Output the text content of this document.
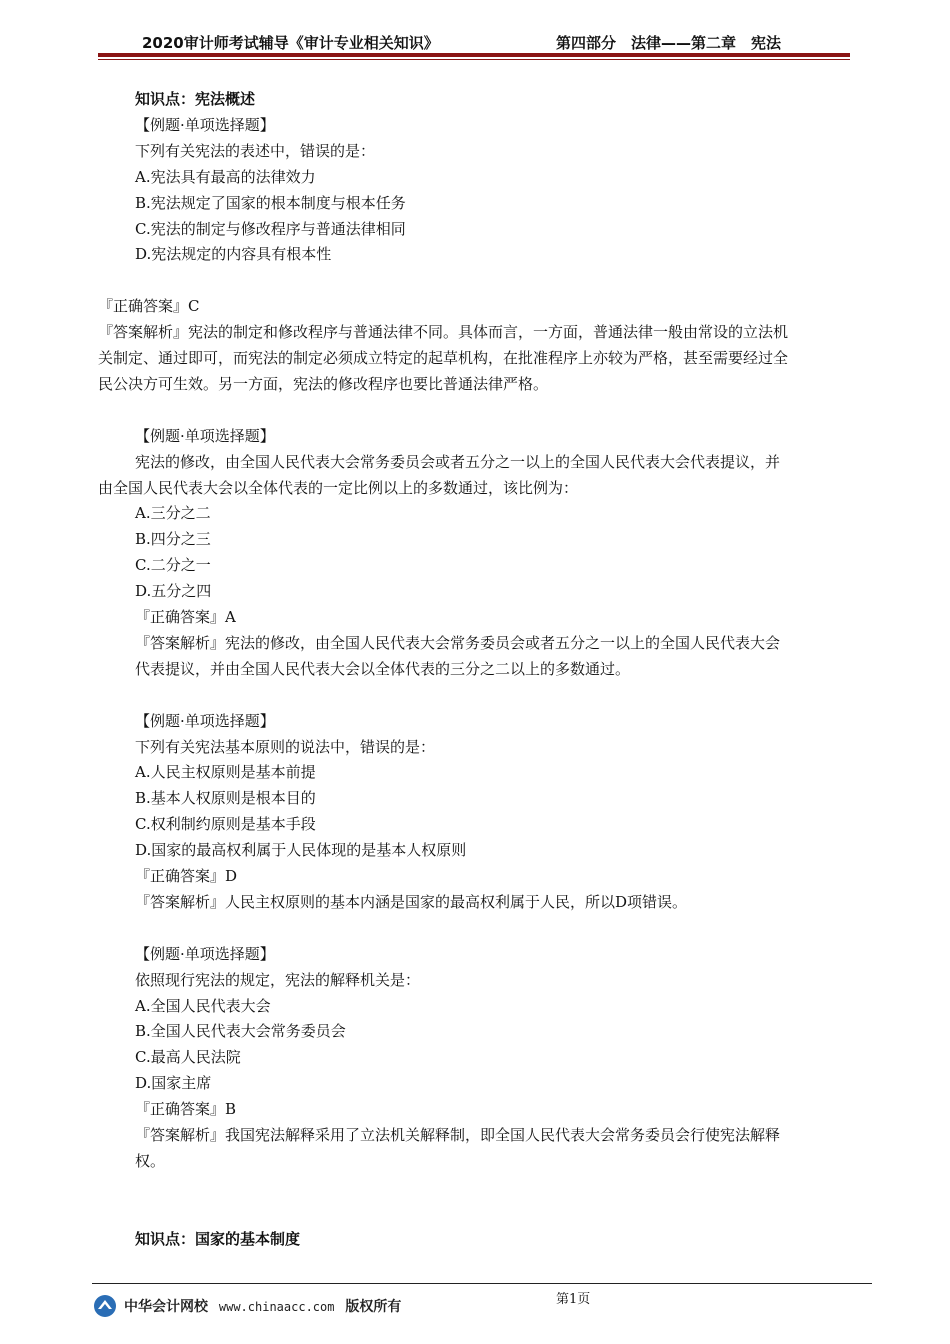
2020审计师考试辅导《审计专业相关知识》	第四部分　法律——第二章　宪法
知识点：宪法概述
【例题·单项选择题】
下列有关宪法的表述中，错误的是：
A.宪法具有最高的法律效力
B.宪法规定了国家的根本制度与根本任务
C.宪法的制定与修改程序与普通法律相同
D.宪法规定的内容具有根本性
『正确答案』C
『答案解析』宪法的制定和修改程序与普通法律不同。具体而言，一方面，普通法律一般由常设的立法机
关制定、通过即可，而宪法的制定必须成立特定的起草机构，在批准程序上亦较为严格，甚至需要经过全
民公决方可生效。另一方面，宪法的修改程序也要比普通法律严格。
【例题·单项选择题】
宪法的修改，由全国人民代表大会常务委员会或者五分之一以上的全国人民代表大会代表提议，并
由全国人民代表大会以全体代表的一定比例以上的多数通过，该比例为：
A.三分之二
B.四分之三
C.二分之一
D.五分之四
『正确答案』A
『答案解析』宪法的修改，由全国人民代表大会常务委员会或者五分之一以上的全国人民代表大会
代表提议，并由全国人民代表大会以全体代表的三分之二以上的多数通过。
【例题·单项选择题】
下列有关宪法基本原则的说法中，错误的是：
A.人民主权原则是基本前提
B.基本人权原则是根本目的
C.权利制约原则是基本手段
D.国家的最高权利属于人民体现的是基本人权原则
『正确答案』D
『答案解析』人民主权原则的基本内涵是国家的最高权利属于人民，所以D项错误。
【例题·单项选择题】
依照现行宪法的规定，宪法的解释机关是：
A.全国人民代表大会
B.全国人民代表大会常务委员会
C.最高人民法院
D.国家主席
『正确答案』B
『答案解析』我国宪法解释采用了立法机关解释制，即全国人民代表大会常务委员会行使宪法解释
权。
知识点：国家的基本制度
中华会计网校 www.chinaacc.com 版权所有	第1页
